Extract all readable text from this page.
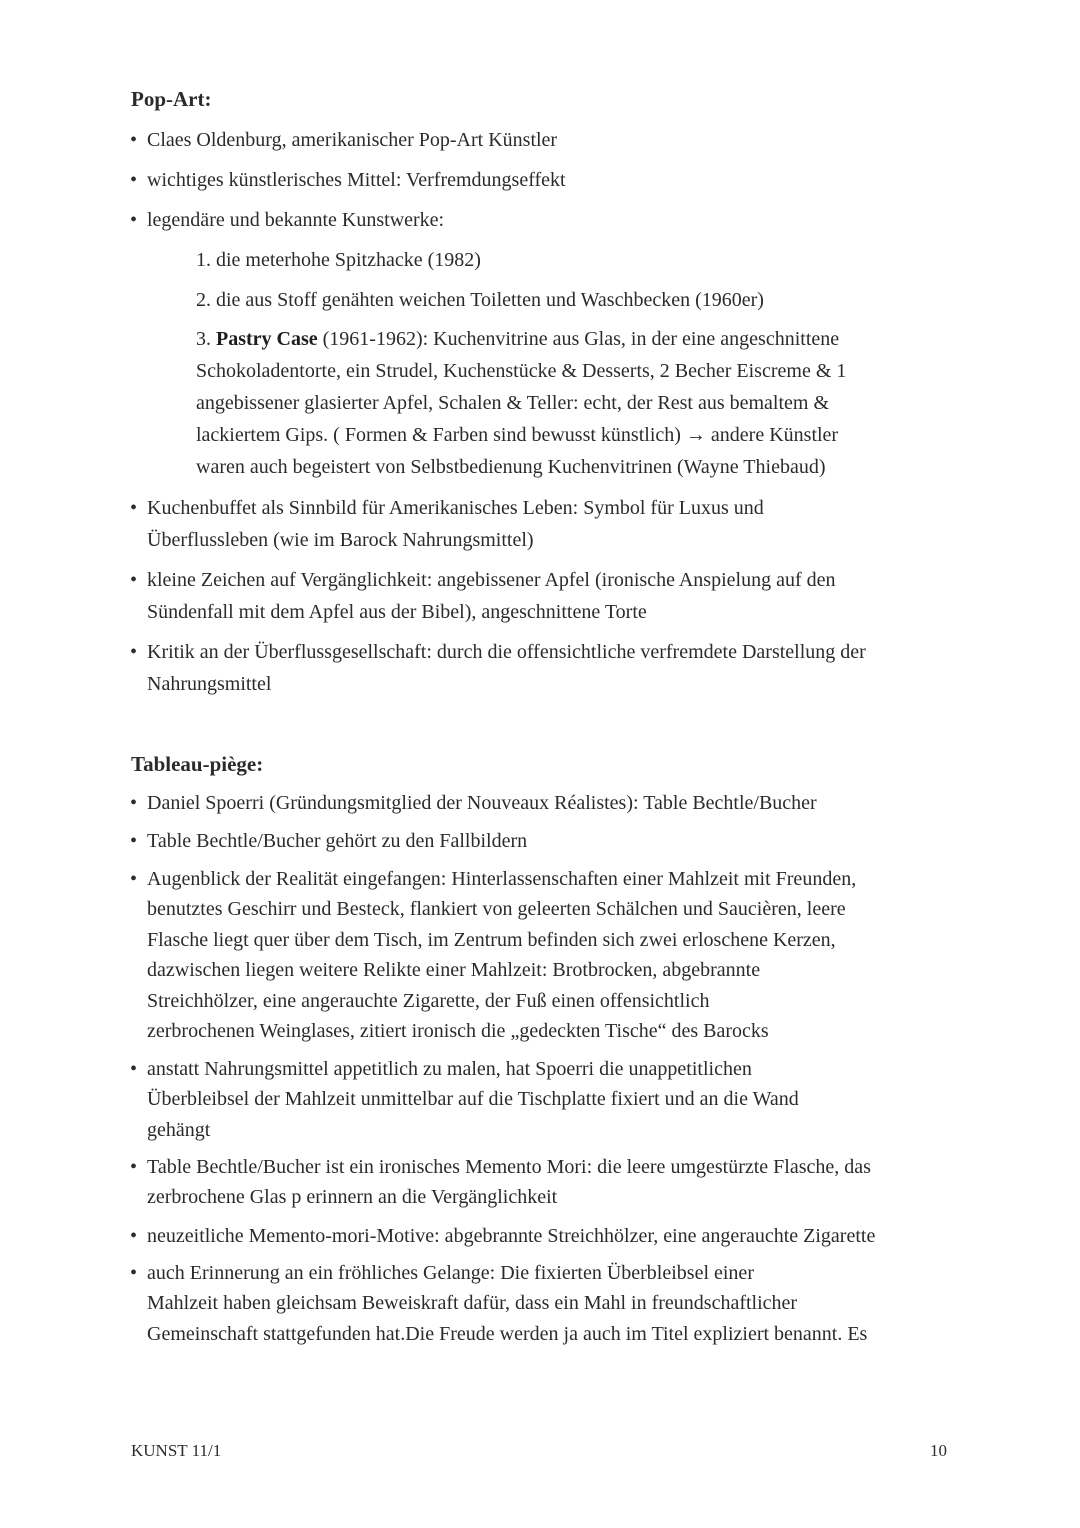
Pop-Art:
• Claes Oldenburg, amerikanischer Pop-Art Künstler
• wichtiges künstlerisches Mittel: Verfremdungseffekt
• legendäre und bekannte Kunstwerke:
1. die meterhohe Spitzhacke (1982)
2. die aus Stoff genähten weichen Toiletten und Waschbecken (1960er)
3. Pastry Case (1961-1962): Kuchenvitrine aus Glas, in der eine angeschnittene
Schokoladentorte, ein Strudel, Kuchenstücke & Desserts, 2 Becher Eiscreme & 1
angebissener glasierter Apfel, Schalen & Teller: echt, der Rest aus bemaltem &
lackiertem Gips. ( Formen & Farben sind bewusst künstlich) → andere Künstler
waren auch begeistert von Selbstbedienung Kuchenvitrinen (Wayne Thiebaud)
• Kuchenbuffet als Sinnbild für Amerikanisches Leben: Symbol für Luxus und
Überflussleben (wie im Barock Nahrungsmittel)
• kleine Zeichen auf Vergänglichkeit: angebissener Apfel (ironische Anspielung auf den
Sündenfall mit dem Apfel aus der Bibel), angeschnittene Torte
• Kritik an der Überflussgesellschaft: durch die offensichtliche verfremdete Darstellung der
Nahrungsmittel
Tableau-piège:
• Daniel Spoerri (Gründungsmitglied der Nouveaux Réalistes): Table Bechtle/Bucher
• Table Bechtle/Bucher gehört zu den Fallbildern
• Augenblick der Realität eingefangen: Hinterlassenschaften einer Mahlzeit mit Freunden,
benutztes Geschirr und Besteck, flankiert von geleerten Schälchen und Saucièren, leere
Flasche liegt quer über dem Tisch, im Zentrum befinden sich zwei erloschene Kerzen,
dazwischen liegen weitere Relikte einer Mahlzeit: Brotbrocken, abgebrannte
Streichhölzer, eine angerauchte Zigarette, der Fuß einen offensichtlich
zerbrochenen Weinglases, zitiert ironisch die „gedeckten Tische“ des Barocks
• anstatt Nahrungsmittel appetitlich zu malen, hat Spoerri die unappetitlichen
Überbleibsel der Mahlzeit unmittelbar auf die Tischplatte fixiert und an die Wand
gehängt
• Table Bechtle/Bucher ist ein ironisches Memento Mori: die leere umgestürzte Flasche, das
zerbrochene Glas p erinnern an die Vergänglichkeit
• neuzeitliche Memento-mori-Motive: abgebrannte Streichhölzer, eine angerauchte Zigarette
• auch Erinnerung an ein fröhliches Gelange: Die fixierten Überbleibsel einer
Mahlzeit haben gleichsam Beweiskraft dafür, dass ein Mahl in freundschaftlicher
Gemeinschaft stattgefunden hat.Die Freude werden ja auch im Titel expliziert benannt. Es
KUNST 11/1	10
